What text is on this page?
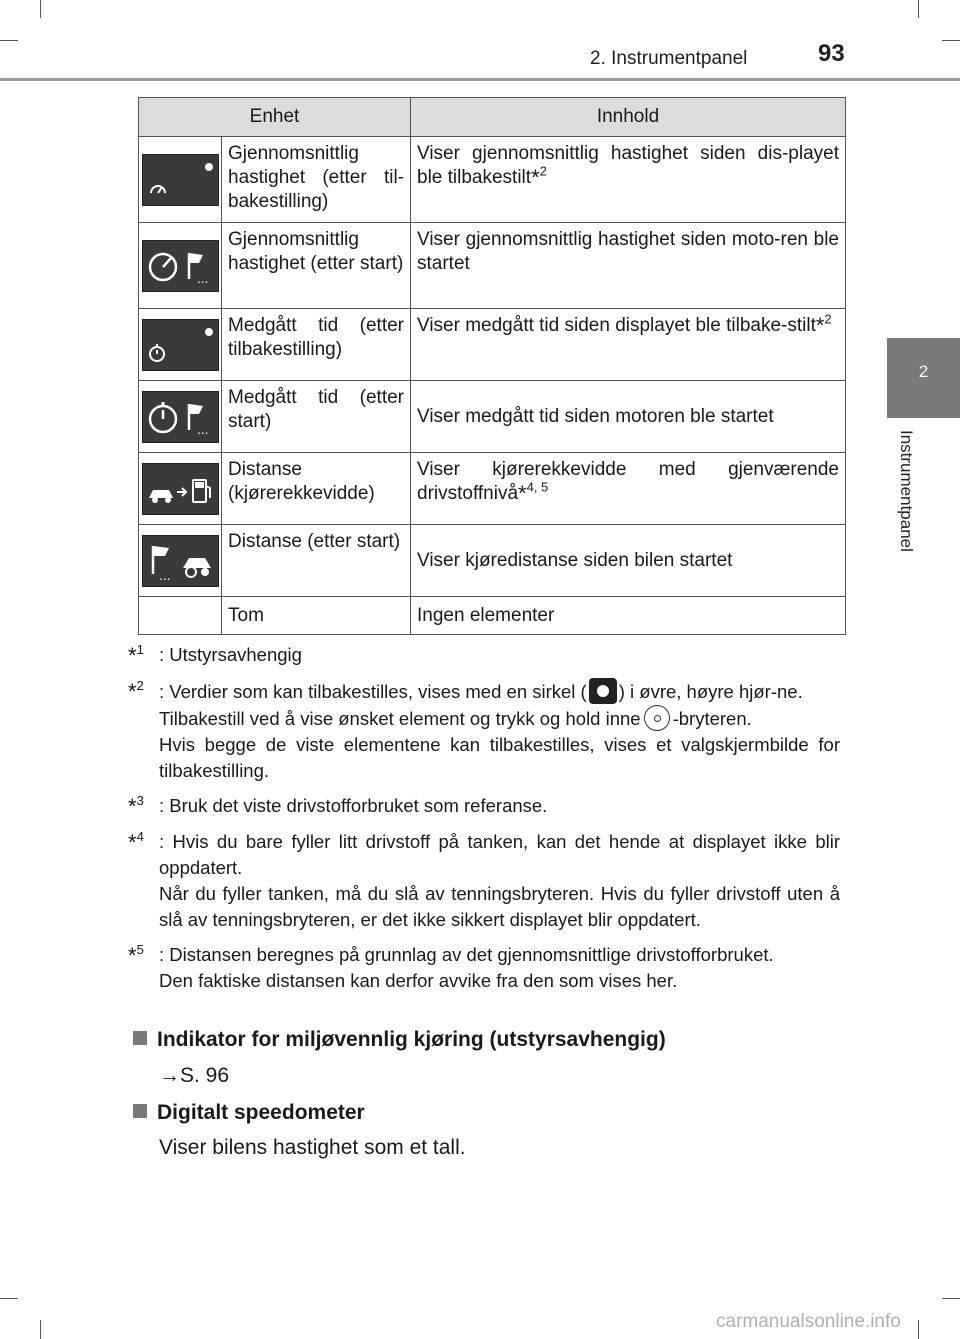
2. Instrumentpanel	93
2
Instrumentpanel
Enhet		Innhold

	Gjennomsnittlig hastighet (etter til-bakestilling)	Viser gjennomsnittlig hastighet siden dis-playet ble tilbakestilt*$^2$

...	Gjennomsnittlig hastighet (etter start)	Viser gjennomsnittlig hastighet siden moto-ren ble startet

	Medgått tid (etter tilbakestilling)	Viser medgått tid siden displayet ble tilbake-stilt*$^2$

...	Medgått tid (etter start)	Viser medgått tid siden motoren ble startet

	Distanse (kjørerekkevidde)	Viser kjørerekkevidde med gjenværende drivstoffnivå*$^{4, 5}$

...	Distanse (etter start)	Viser kjøredistanse siden bilen startet
	Tom	Ingen elementer
*$^1$ : Utstyrsavhengig
*$^2$ : Verdier som kan tilbakestilles, vises med en sirkel ( ) i øvre, høyre hjør-ne.

Tilbakestill ved å vise ønsket element og trykk og hold inne -bryteren.

Hvis begge de viste elementene kan tilbakestilles, vises et valgskjermbilde for tilbakestilling.

*$^3$ : Bruk det viste drivstofforbruket som referanse.
*$^4$ : Hvis du bare fyller litt drivstoff på tanken, kan det hende at displayet ikke blir oppdatert.

Når du fyller tanken, må du slå av tenningsbryteren. Hvis du fyller drivstoff uten å slå av tenningsbryteren, er det ikke sikkert displayet blir oppdatert.

*$^5$ : Distansen beregnes på grunnlag av det gjennomsnittlige drivstofforbruket.

Den faktiske distansen kan derfor avvike fra den som vises her.

Indikator for miljøvennlig kjøring (utstyrsavhengig)
→S. 96
Digitalt speedometer
Viser bilens hastighet som et tall.
carmanualsonline.info
